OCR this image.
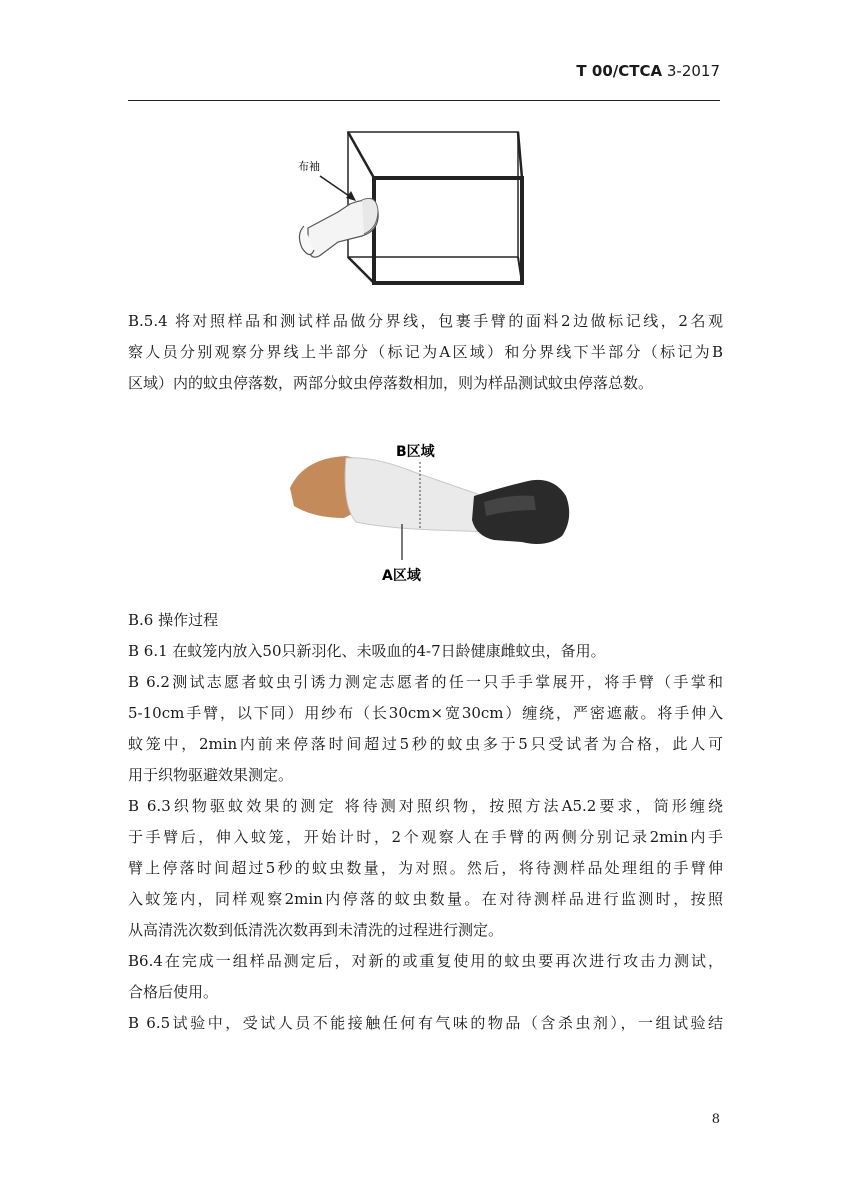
T 00/CTCA 3-2017
布袖
B.5.4 将对照样品和测试样品做分界线，包裹手臂的面料2边做标记线，2名观
察人员分别观察分界线上半部分（标记为A区域）和分界线下半部分（标记为B
区域）内的蚊虫停落数，两部分蚊虫停落数相加，则为样品测试蚊虫停落总数。
B区域
A区域
B.6 操作过程
B 6.1 在蚊笼内放入50只新羽化、未吸血的4-7日龄健康雌蚊虫，备用。
B 6.2测试志愿者蚊虫引诱力测定志愿者的任一只手手掌展开，将手臂（手掌和
5-10cm手臂，以下同）用纱布（长30cm×宽30cm）缠绕，严密遮蔽。将手伸入
蚊笼中，2min内前来停落时间超过5秒的蚊虫多于5只受试者为合格，此人可
用于织物驱避效果测定。
B 6.3织物驱蚊效果的测定 将待测对照织物，按照方法A5.2要求，筒形缠绕
于手臂后，伸入蚊笼，开始计时，2个观察人在手臂的两侧分别记录2min内手
臂上停落时间超过5秒的蚊虫数量，为对照。然后，将待测样品处理组的手臂伸
入蚊笼内，同样观察2min内停落的蚊虫数量。在对待测样品进行监测时，按照
从高清洗次数到低清洗次数再到未清洗的过程进行测定。
B6.4在完成一组样品测定后，对新的或重复使用的蚊虫要再次进行攻击力测试，
合格后使用。
B 6.5试验中，受试人员不能接触任何有气味的物品（含杀虫剂），一组试验结
8
